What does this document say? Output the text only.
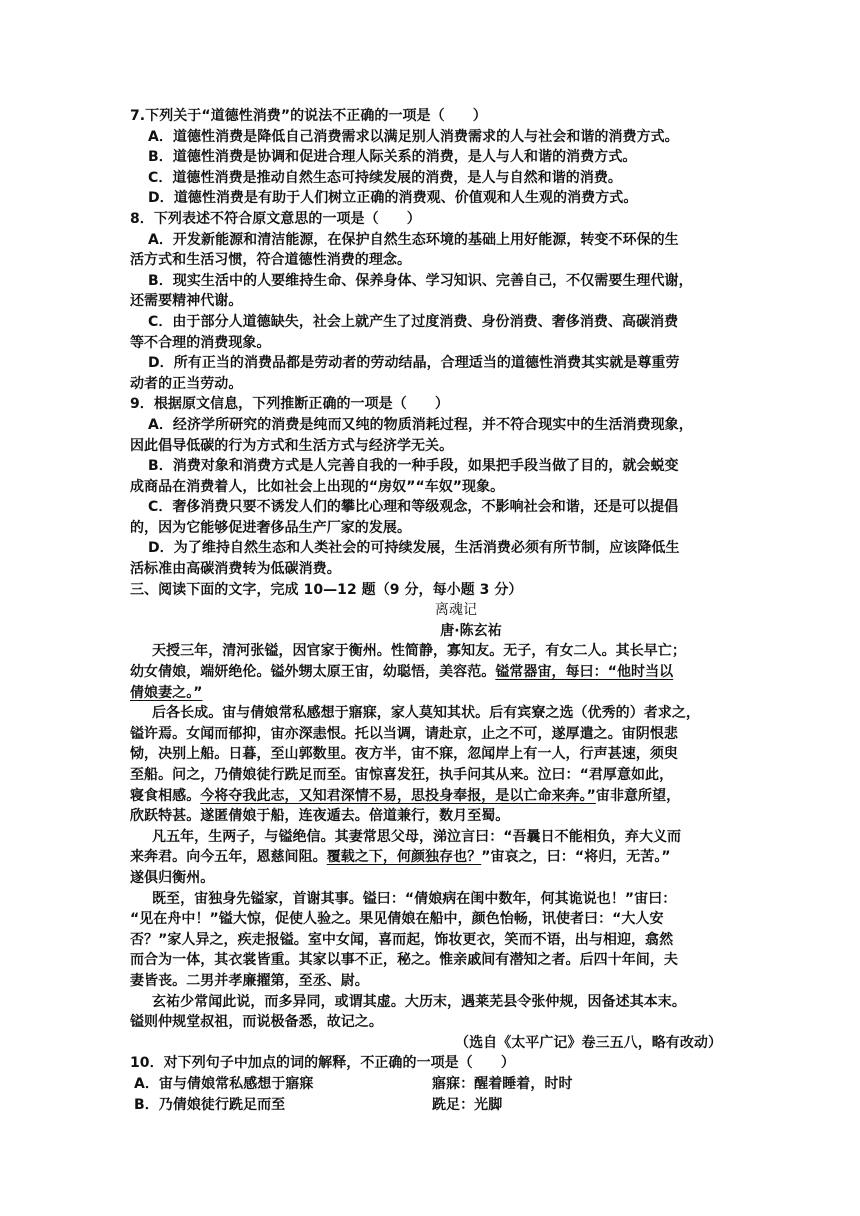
7.下列关于“道德性消费”的说法不正确的一项是（　　）
A．道德性消费是降低自己消费需求以满足别人消费需求的人与社会和谐的消费方式。
B．道德性消费是协调和促进合理人际关系的消费，是人与人和谐的消费方式。
C．道德性消费是推动自然生态可持续发展的消费，是人与自然和谐的消费。
D．道德性消费是有助于人们树立正确的消费观、价值观和人生观的消费方式。
8．下列表述不符合原文意思的一项是（　　）
A．开发新能源和清洁能源，在保护自然生态环境的基础上用好能源，转变不环保的生
活方式和生活习惯，符合道德性消费的理念。
B．现实生活中的人要维持生命、保养身体、学习知识、完善自己，不仅需要生理代谢，
还需要精神代谢。
C．由于部分人道德缺失，社会上就产生了过度消费、身份消费、奢侈消费、高碳消费
等不合理的消费现象。
D．所有正当的消费品都是劳动者的劳动结晶，合理适当的道德性消费其实就是尊重劳
动者的正当劳动。
9．根据原文信息，下列推断正确的一项是（　　）
A．经济学所研究的消费是纯而又纯的物质消耗过程，并不符合现实中的生活消费现象，
因此倡导低碳的行为方式和生活方式与经济学无关。
B．消费对象和消费方式是人完善自我的一种手段，如果把手段当做了目的，就会蜕变
成商品在消费着人，比如社会上出现的“房奴”“车奴”现象。
C．奢侈消费只要不诱发人们的攀比心理和等级观念，不影响社会和谐，还是可以提倡
的，因为它能够促进奢侈品生产厂家的发展。
D．为了维持自然生态和人类社会的可持续发展，生活消费必须有所节制，应该降低生
活标准由高碳消费转为低碳消费。
三、阅读下面的文字，完成 10—12 题（9 分，每小题 3 分）
离魂记
唐·陈玄祐
天授三年，清河张镒，因官家于衡州。性简静，寡知友。无子，有女二人。其长早亡；
幼女倩娘，端妍绝伦。镒外甥太原王宙，幼聪悟，美容范。镒常器宙，每曰：“他时当以
倩娘妻之。”
后各长成。宙与倩娘常私感想于寤寐，家人莫知其状。后有宾寮之选（优秀的）者求之，
镒许焉。女闻而郁抑，宙亦深恚恨。托以当调，请赴京，止之不可，遂厚遣之。宙阴恨悲
恸，决别上船。日暮，至山郭数里。夜方半，宙不寐，忽闻岸上有一人，行声甚速，须臾
至船。问之，乃倩娘徒行跣足而至。宙惊喜发狂，执手问其从来。泣曰：“君厚意如此，
寝食相感。今将夺我此志，又知君深情不易，思投身奉报，是以亡命来奔。”宙非意所望，
欣跃特甚。遂匿倩娘于船，连夜遁去。倍道兼行，数月至蜀。
凡五年，生两子，与镒绝信。其妻常思父母，涕泣言曰：“吾曩日不能相负，弃大义而
来奔君。向今五年，恩慈间阻。覆载之下，何颜独存也？”宙哀之，曰：“将归，无苦。”
遂俱归衡州。
既至，宙独身先镒家，首谢其事。镒曰：“倩娘病在闺中数年，何其诡说也！”宙曰：
“见在舟中！”镒大惊，促使人验之。果见倩娘在船中，颜色怡畅，讯使者曰：“大人安
否？”家人异之，疾走报镒。室中女闻，喜而起，饰妆更衣，笑而不语，出与相迎，翕然
而合为一体，其衣裳皆重。其家以事不正，秘之。惟亲戚间有潜知之者。后四十年间，夫
妻皆丧。二男并孝廉擢第，至丞、尉。
玄祐少常闻此说，而多异同，或谓其虚。大历末，遇莱芜县令张仲规，因备述其本末。
镒则仲规堂叔祖，而说极备悉，故记之。
（选自《太平广记》卷三五八，略有改动）
10．对下列句子中加点的词的解释，不正确的一项是（　　）
A．宙与倩娘常私感想于寤寐	寤寐：醒着睡着，时时
B．乃倩娘徒行跣足而至	跣足：光脚
